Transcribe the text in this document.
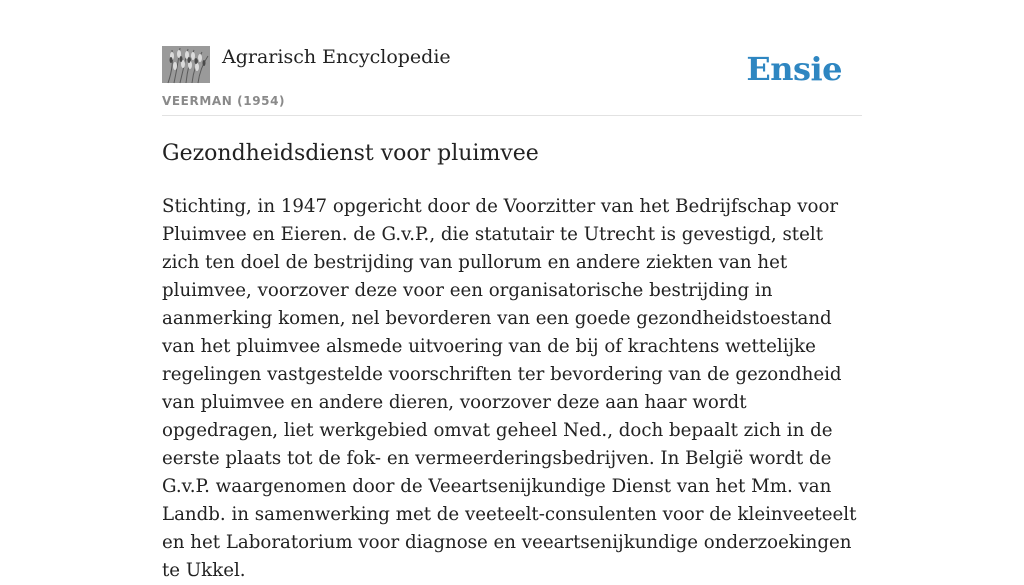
Agrarisch Encyclopedie
VEERMAN (1954)
Ensie
Gezondheidsdienst voor pluimvee

Stichting, in 1947 opgericht door de Voorzitter van het Bedrijfschap voor Pluimvee en Eieren. de G.v.P., die statutair te Utrecht is gevestigd, stelt zich ten doel de bestrijding van pullorum en andere ziekten van het pluimvee, voorzover deze voor een organisatorische bestrijding in aanmerking komen, nel bevorderen van een goede gezondheidstoestand van het pluimvee alsmede uitvoering van de bij of krachtens wettelijke regelingen vastgestelde voorschriften ter bevordering van de gezondheid van pluimvee en andere dieren, voorzover deze aan haar wordt opgedragen, liet werkgebied omvat geheel Ned., doch bepaalt zich in de eerste plaats tot de fok- en vermeerderingsbedrijven. In België wordt de G.v.P. waargenomen door de Veeartsenijkundige Dienst van het Mm. van Landb. in samenwerking met de veeteelt-consulenten voor de kleinveeteelt en het Laboratorium voor diagnose en veeartsenijkundige onderzoekingen te Ukkel.
